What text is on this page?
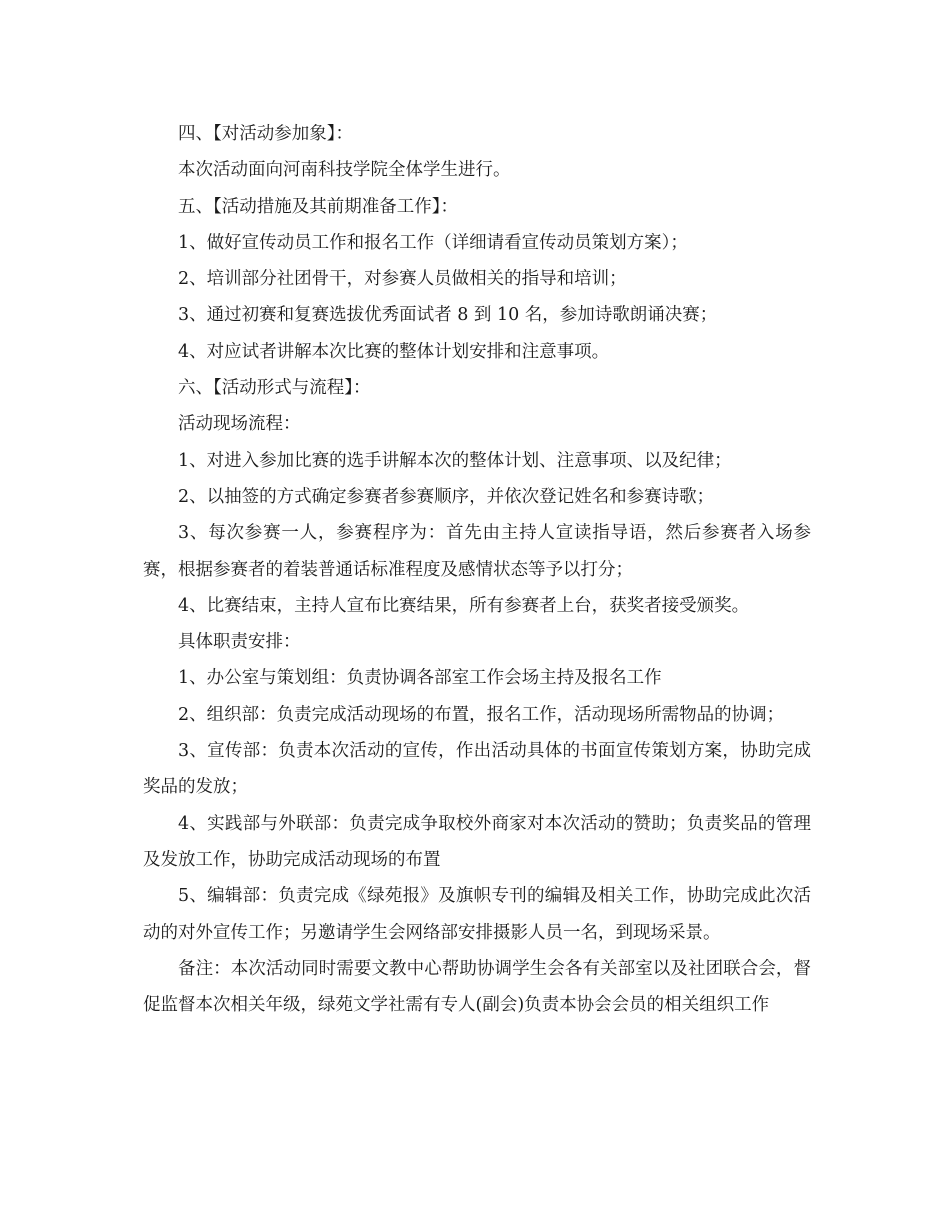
四、【对活动参加象】：

本次活动面向河南科技学院全体学生进行。

五、【活动措施及其前期准备工作】：

1、做好宣传动员工作和报名工作（详细请看宣传动员策划方案）；

2、培训部分社团骨干，对参赛人员做相关的指导和培训；

3、通过初赛和复赛选拔优秀面试者 8 到 10 名，参加诗歌朗诵决赛；

4、对应试者讲解本次比赛的整体计划安排和注意事项。

六、【活动形式与流程】：

活动现场流程：

1、对进入参加比赛的选手讲解本次的整体计划、注意事项、以及纪律；

2、以抽签的方式确定参赛者参赛顺序，并依次登记姓名和参赛诗歌；

3、每次参赛一人，参赛程序为：首先由主持人宣读指导语，然后参赛者入场参赛，根据参赛者的着装普通话标准程度及感情状态等予以打分；

4、比赛结束，主持人宣布比赛结果，所有参赛者上台，获奖者接受颁奖。

具体职责安排：

1、办公室与策划组：负责协调各部室工作会场主持及报名工作

2、组织部：负责完成活动现场的布置，报名工作，活动现场所需物品的协调；

3、宣传部：负责本次活动的宣传，作出活动具体的书面宣传策划方案，协助完成奖品的发放；

4、实践部与外联部：负责完成争取校外商家对本次活动的赞助；负责奖品的管理及发放工作，协助完成活动现场的布置

5、编辑部：负责完成《绿苑报》及旗帜专刊的编辑及相关工作，协助完成此次活动的对外宣传工作；另邀请学生会网络部安排摄影人员一名，到现场采景。

备注：本次活动同时需要文教中心帮助协调学生会各有关部室以及社团联合会，督促监督本次相关年级，绿苑文学社需有专人(副会)负责本协会会员的相关组织工作
